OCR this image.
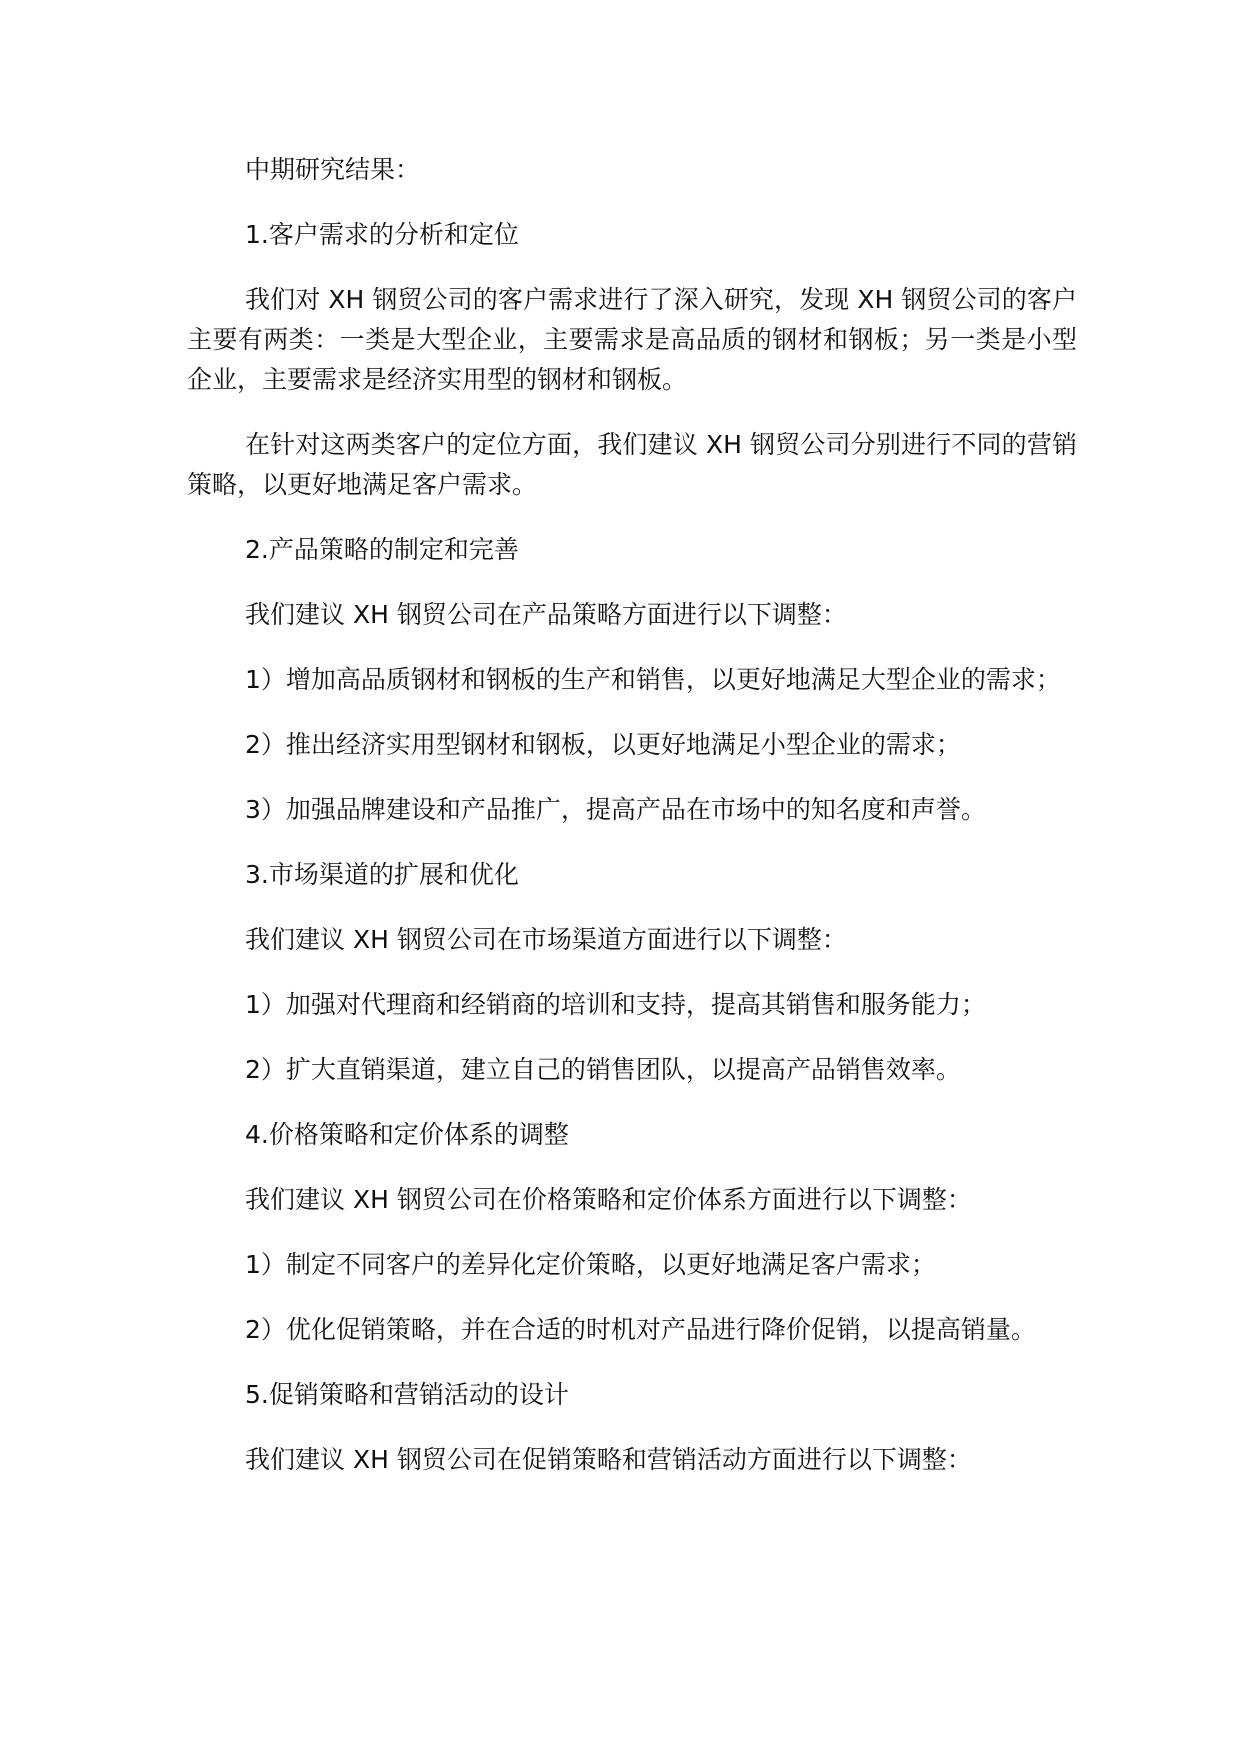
中期研究结果：

1.客户需求的分析和定位

我们对 XH 钢贸公司的客户需求进行了深入研究，发现 XH 钢贸公司的客户主要有两类：一类是大型企业，主要需求是高品质的钢材和钢板；另一类是小型企业，主要需求是经济实用型的钢材和钢板。

在针对这两类客户的定位方面，我们建议 XH 钢贸公司分别进行不同的营销策略，以更好地满足客户需求。

2.产品策略的制定和完善

我们建议 XH 钢贸公司在产品策略方面进行以下调整：

1）增加高品质钢材和钢板的生产和销售，以更好地满足大型企业的需求；

2）推出经济实用型钢材和钢板，以更好地满足小型企业的需求；

3）加强品牌建设和产品推广，提高产品在市场中的知名度和声誉。

3.市场渠道的扩展和优化

我们建议 XH 钢贸公司在市场渠道方面进行以下调整：

1）加强对代理商和经销商的培训和支持，提高其销售和服务能力；

2）扩大直销渠道，建立自己的销售团队，以提高产品销售效率。

4.价格策略和定价体系的调整

我们建议 XH 钢贸公司在价格策略和定价体系方面进行以下调整：

1）制定不同客户的差异化定价策略，以更好地满足客户需求；

2）优化促销策略，并在合适的时机对产品进行降价促销，以提高销量。

5.促销策略和营销活动的设计

我们建议 XH 钢贸公司在促销策略和营销活动方面进行以下调整：
